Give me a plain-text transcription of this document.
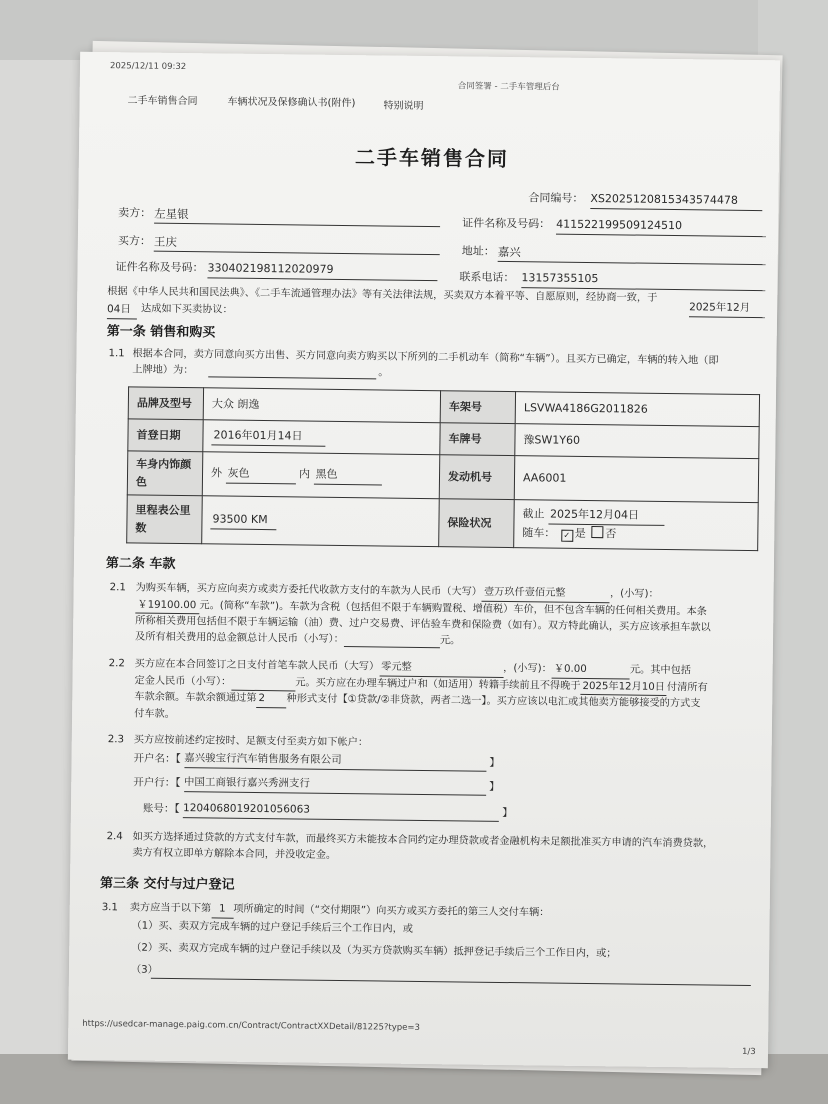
2025/12/11 09:32
合同签署 - 二手车管理后台
二手车销售合同	车辆状况及保修确认书(附件)	特别说明
二手车销售合同
合同编号： XS2025120815343574478
卖方： 左星银
证件名称及号码： 411522199509124510
买方： 王庆
地址： 嘉兴
证件名称及号码： 330402198112020979
联系电话： 13157355105
根据《中华人民共和国民法典》、《二手车流通管理办法》等有关法律法规，买卖双方本着平等、自愿原则，经协商一致，于
2025年12月
04日 达成如下买卖协议：
第一条 销售和购买
1.1 根据本合同，卖方同意向买方出售、买方同意向卖方购买以下所列的二手机动车（简称“车辆”）。且买方已确定，车辆的转入地（即
上牌地）为：	。
品牌及型号	大众 朗逸	车架号	LSVWA4186G2011826
首登日期	2016年01月14日	车牌号	豫SW1Y60
车身内饰颜色	外 灰色 内 黑色	发动机号	AA6001
里程表公里数	93500 KM	保险状况	截止 2025年12月04日
随车： ✓ 是 否
第二条 车款
2.1 为购买车辆，买方应向卖方或卖方委托代收款方支付的车款为人民币（大写） 壹万玖仟壹佰元整	，(小写)：
￥19100.00 元。(简称“车款”)。车款为含税（包括但不限于车辆购置税、增值税）车价，但不包含车辆的任何相关费用。本条
所称相关费用包括但不限于车辆运输（油）费、过户交易费、评估验车费和保险费（如有）。双方特此确认，买方应该承担车款以
及所有相关费用的总金额总计人民币（小写）：	元。
2.2 买方应在本合同签订之日支付首笔车款人民币（大写） 零元整	，(小写)： ￥0.00	元。其中包括
定金人民币（小写）：	元。买方应在办理车辆过户和（如适用）转籍手续前且不得晚于 2025年12月10日 付清所有
车款余额。车款余额通过第 2 种形式支付【①贷款/②非贷款，两者二选一】。买方应该以电汇或其他卖方能够接受的方式支
付车款。
2.3 买方应按前述约定按时、足额支付至卖方如下帐户：
开户名：【 嘉兴骏宝行汽车销售服务有限公司	】
开户行：【 中国工商银行嘉兴秀洲支行	】
账号：【 1204068019201056063	】
2.4 如买方选择通过贷款的方式支付车款，而最终买方未能按本合同约定办理贷款或者金融机构未足额批准买方申请的汽车消费贷款，
卖方有权立即单方解除本合同，并没收定金。
第三条 交付与过户登记
3.1 卖方应当于以下第 1 项所确定的时间（“交付期限”）向买方或买方委托的第三人交付车辆：
（1）买、卖双方完成车辆的过户登记手续后三个工作日内，或
（2）买、卖双方完成车辆的过户登记手续以及（为买方贷款购买车辆）抵押登记手续后三个工作日内，或；
（3）
https://usedcar-manage.paig.com.cn/Contract/ContractXXDetail/81225?type=3
1/3
